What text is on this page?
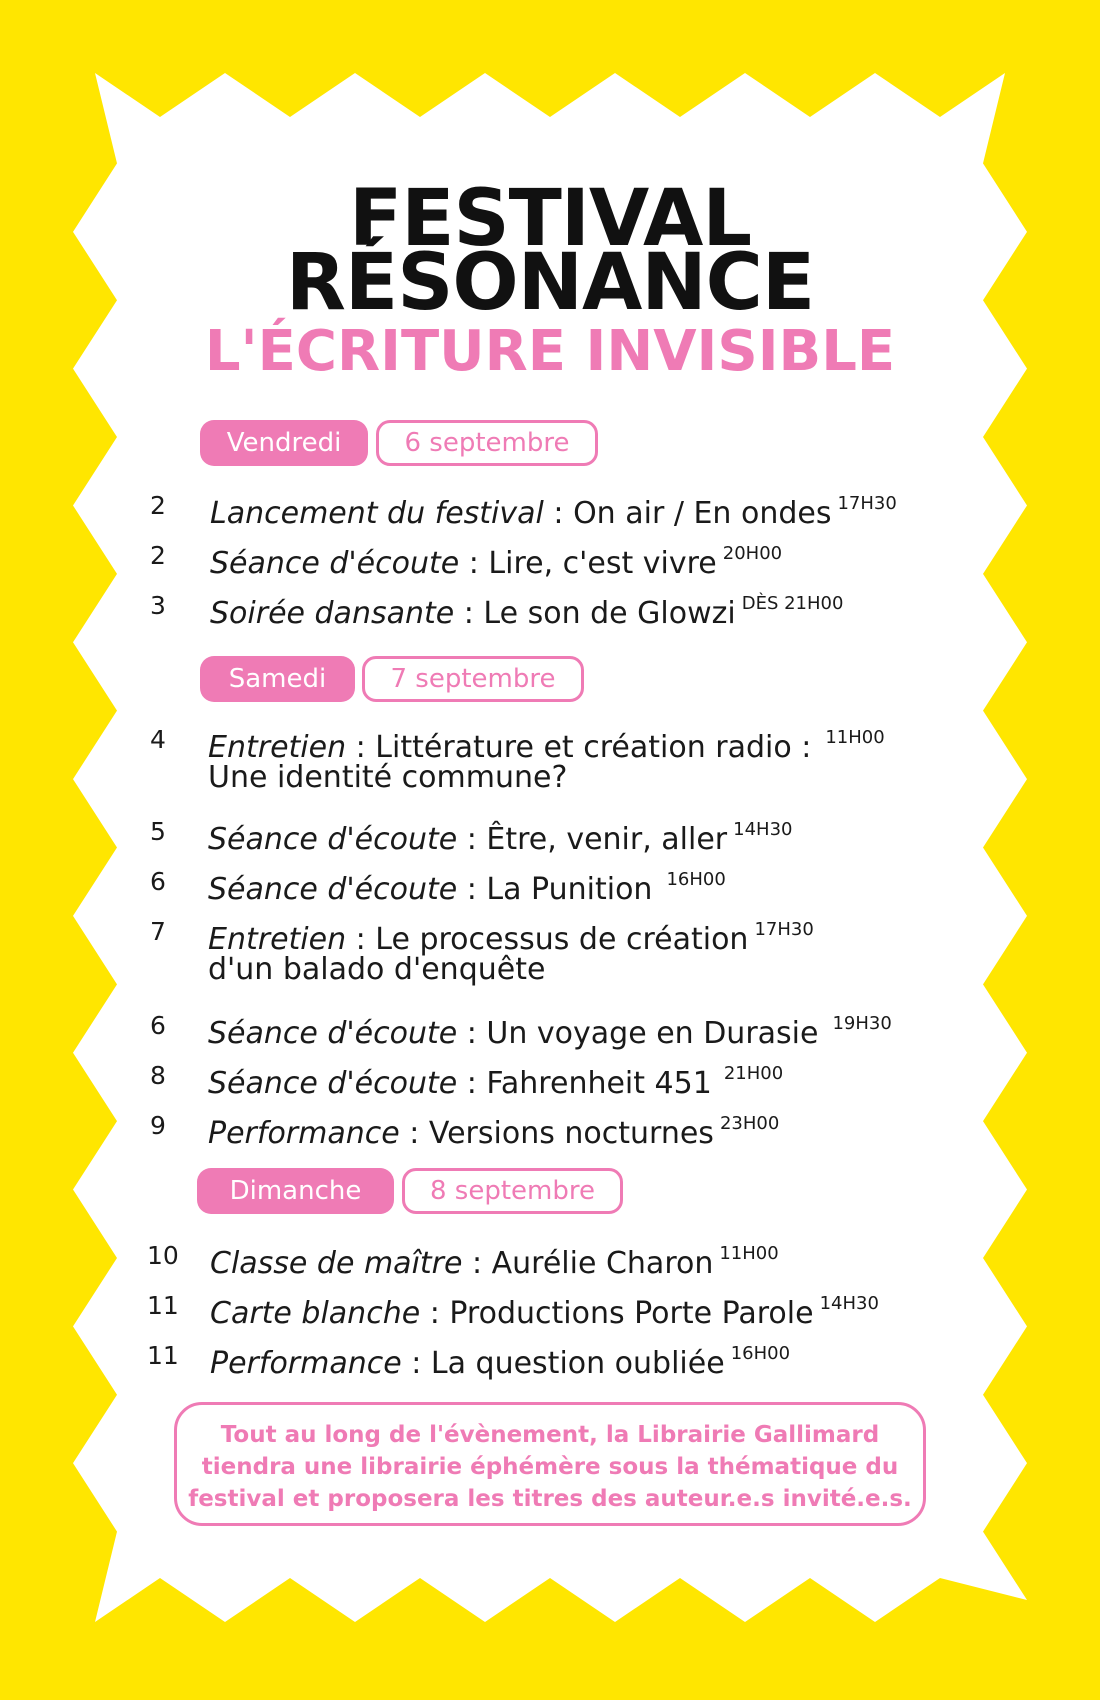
FESTIVAL
RÉSONANCE
L'ÉCRITURE INVISIBLE
Vendredi	6 septembre
2 Lancement du festival : On air / En ondes $^{17H30}$
2 Séance d'écoute : Lire, c'est vivre $^{20H00}$
3 Soirée dansante : Le son de Glowzi $^{DÈS 21H00}$
Samedi	7 septembre
4 Entretien : Littérature et création radio : $^{11H00}$
Une identité commune?
5 Séance d'écoute : Être, venir, aller $^{14H30}$
6 Séance d'écoute : La Punition $^{16H00}$
7 Entretien : Le processus de création $^{17H30}$
d'un balado d'enquête
6 Séance d'écoute : Un voyage en Durasie $^{19H30}$
8 Séance d'écoute : Fahrenheit 451 $^{21H00}$
9 Performance : Versions nocturnes $^{23H00}$
Dimanche	8 septembre
10 Classe de maître : Aurélie Charon $^{11H00}$
11 Carte blanche : Productions Porte Parole $^{14H30}$
11 Performance : La question oubliée $^{16H00}$
Tout au long de l'évènement, la Librairie Gallimard
tiendra une librairie éphémère sous la thématique du
festival et proposera les titres des auteur.e.s invité.e.s.
